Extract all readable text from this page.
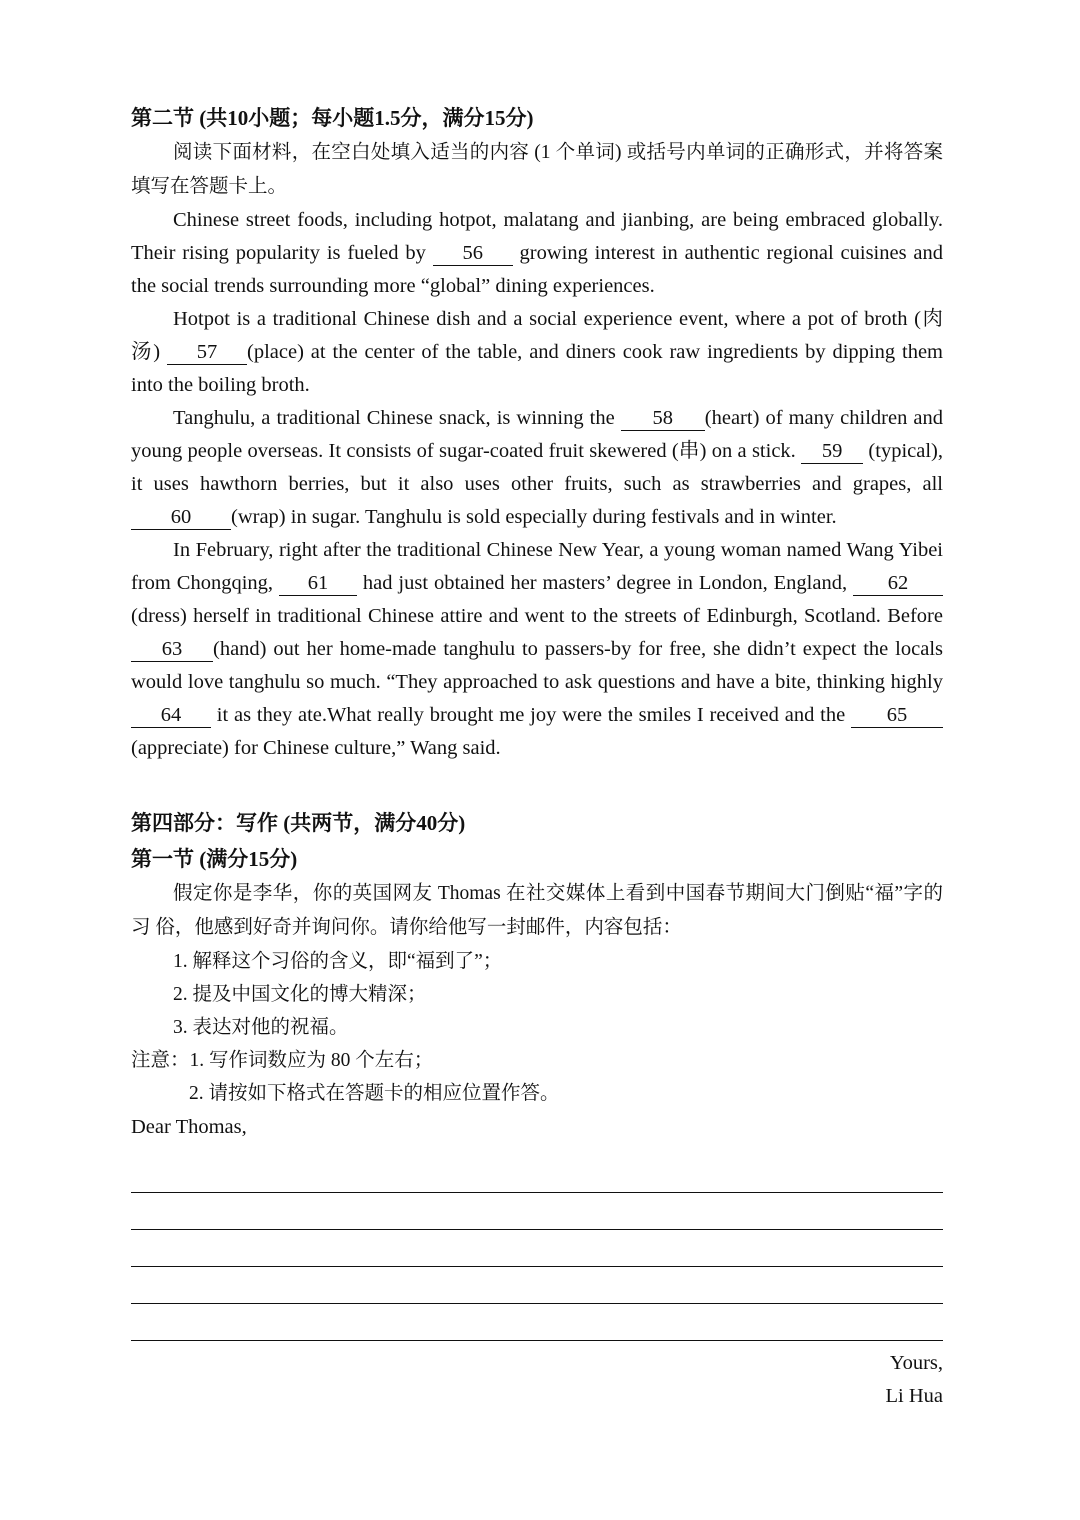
第二节 (共10小题；每小题1.5分，满分15分)

阅读下面材料，在空白处填入适当的内容 (1 个单词) 或括号内单词的正确形式，并将答案填写在答题卡上。

Chinese street foods, including hotpot, malatang and jianbing, are being embraced globally. Their rising popularity is fueled by 56 growing interest in authentic regional cuisines and the social trends surrounding more “global” dining experiences.

Hotpot is a traditional Chinese dish and a social experience event, where a pot of broth (肉汤) 57 (place) at the center of the table, and diners cook raw ingredients by dipping them into the boiling broth.

Tanghulu, a traditional Chinese snack, is winning the 58 (heart) of many children and young people overseas. It consists of sugar-coated fruit skewered (串) on a stick. 59 (typical), it uses hawthorn berries, but it also uses other fruits, such as strawberries and grapes, all 60 (wrap) in sugar. Tanghulu is sold especially during festivals and in winter.

In February, right after the traditional Chinese New Year, a young woman named Wang Yibei from Chongqing, 61 had just obtained her masters’ degree in London, England, 62(dress) herself in traditional Chinese attire and went to the streets of Edinburgh, Scotland. Before 63 (hand) out her home-made tanghulu to passers-by for free, she didn’t expect the locals would love tanghulu so much. “They approached to ask questions and have a bite, thinking highly 64 it as they ate.What really brought me joy were the smiles I received and the 65(appreciate) for Chinese culture,” Wang said.

第四部分：写作 (共两节，满分40分)

第一节 (满分15分)

假定你是李华，你的英国网友 Thomas 在社交媒体上看到中国春节期间大门倒贴“福”字的习 俗，他感到好奇并询问你。请你给他写一封邮件，内容包括：

1. 解释这个习俗的含义，即“福到了”；

2. 提及中国文化的博大精深；

3. 表达对他的祝福。

注意：1. 写作词数应为 80 个左右；

2. 请按如下格式在答题卡的相应位置作答。

Dear Thomas,

Yours,

Li Hua
